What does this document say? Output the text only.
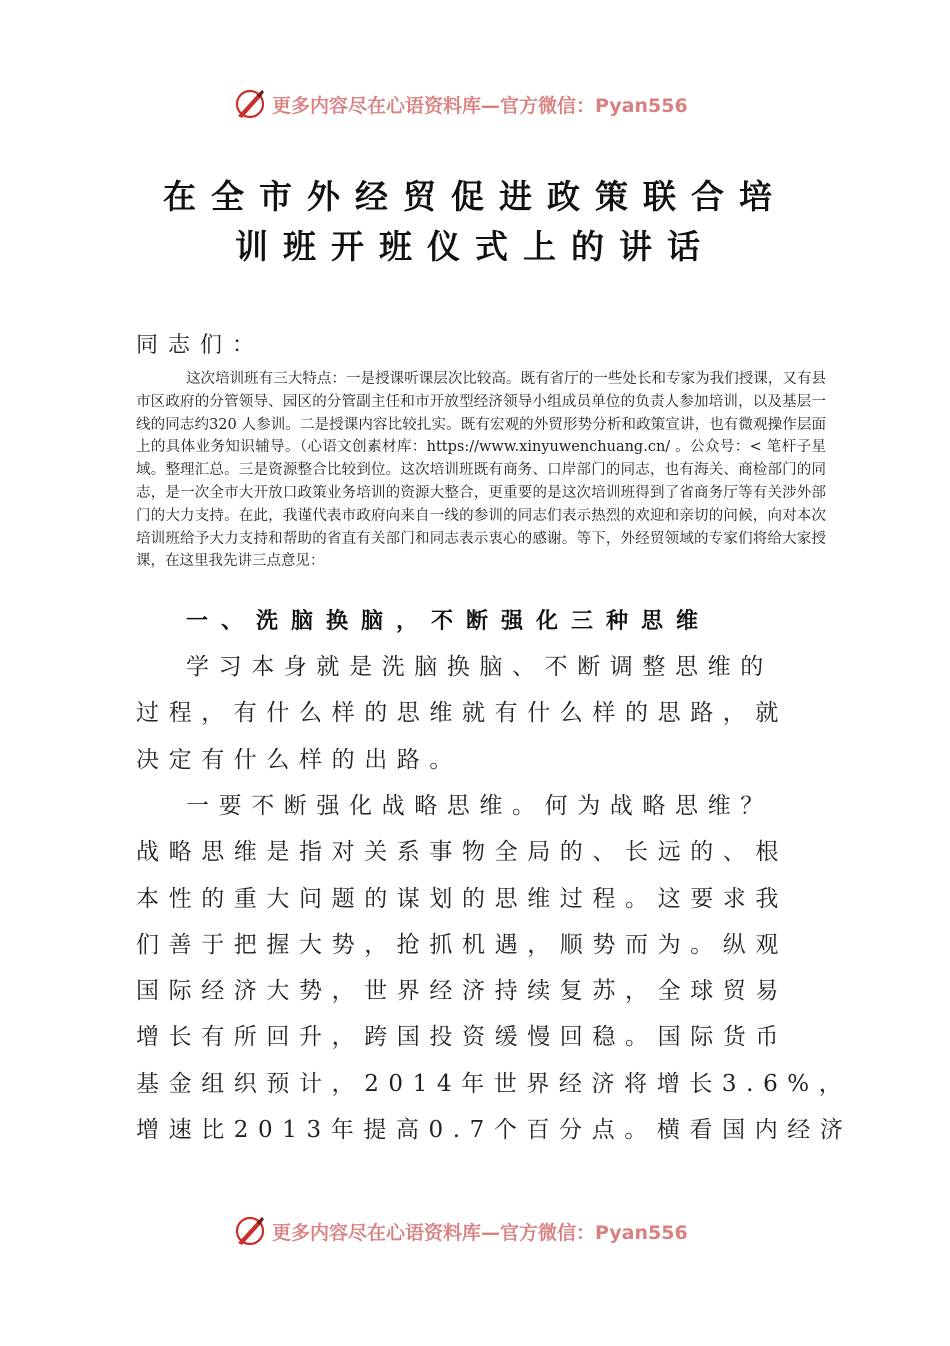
更多内容尽在心语资料库—官方微信：Pyan556
在全市外经贸促进政策联合培
训班开班仪式上的讲话
同志们：
这次培训班有三大特点：一是授课听课层次比较高。既有省厅的一些处长和专家为我们授课，又有县市区政府的分管领导、园区的分管副主任和市开放型经济领导小组成员单位的负责人参加培训，以及基层一线的同志约320 人参训。二是授课内容比较扎实。既有宏观的外贸形势分析和政策宣讲，也有微观操作层面上的具体业务知识辅导。（心语文创素材库：https://www.xinyuwenchuang.cn/ 。公众号：< 笔杆子星域。整理汇总。三是资源整合比较到位。这次培训班既有商务、口岸部门的同志，也有海关、商检部门的同志，是一次全市大开放口政策业务培训的资源大整合，更重要的是这次培训班得到了省商务厅等有关涉外部门的大力支持。在此，我谨代表市政府向来自一线的参训的同志们表示热烈的欢迎和亲切的问候，向对本次培训班给予大力支持和帮助的省直有关部门和同志表示衷心的感谢。等下，外经贸领域的专家们将给大家授课，在这里我先讲三点意见：
一、洗脑换脑，不断强化三种思维
学习本身就是洗脑换脑、不断调整思维的
过程，有什么样的思维就有什么样的思路，就
决定有什么样的出路。
一要不断强化战略思维。何为战略思维？
战略思维是指对关系事物全局的、长远的、根
本性的重大问题的谋划的思维过程。这要求我
们善于把握大势，抢抓机遇，顺势而为。纵观
国际经济大势，世界经济持续复苏，全球贸易
增长有所回升，跨国投资缓慢回稳。国际货币
基金组织预计，2014年世界经济将增长3.6%，
增速比2013年提高0.7个百分点。横看国内经济
更多内容尽在心语资料库—官方微信：Pyan556
